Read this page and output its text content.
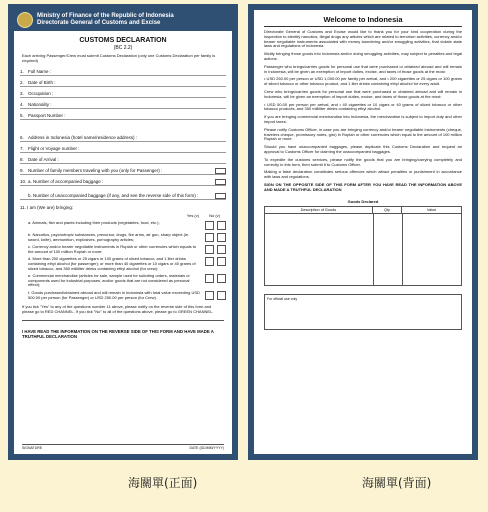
Ministry of Finance of the Republic of Indonesia
Directorate General of Customs and Excise
CUSTOMS DECLARATION
(BC 2.2)
Each arriving Passenger/Crew must submit Customs Declaration (only one Customs Declaration per family is required)
1. Full Name :
2. Date of Birth :
3. Occupation :
4. Nationality :
5. Passport Number :
6. Address in Indonesia (hotel name/residence address) :
7. Flight or Voyage number :
8. Date of Arrival :
9. Number of family members traveling with you (only for Passenger) :
10. a. Number of accompanied baggage :
b. Number of unaccompanied baggage (if any, and see the reverse side of this form) :
11. I am (We are) bringing:
Yes (v)	No (v)
a. Animals, fish and plants including their products (vegetables, food, etc.);
b. Narcotics, psychotropic substances, precursor, drugs, fire arms, air gun, sharp object (ie. sword, knife), ammunition, explosives, pornography articles;
c. Currency and/or bearer negotiable instruments in Rupiah or other currencies which equals to the amount of 100 million Rupiah or more;
d. More than 200 cigarettes or 25 cigars or 100 grams of sliced tobacco, and 1 liter drinks containing ethyl alcohol (for passenger); or more than 40 cigarettes or 10 cigars or 40 grams of sliced tobacco, and 350 milliliter drinks containing ethyl alcohol (for crew);
e. Commercial merchandise (articles for sale, sample used for soliciting orders, materials or components used for industrial purposes, and/or goods that are not considered as personal effect);
f. Goods purchased/obtained abroad and will remain in Indonesia with total value exceeding USD 500.00 per person (for Passenger) or USD 250.00 per person (for Crew).
If you tick "Yes" to any of the questions number 11 above, please notify on the reverse side of this form and please go to RED CHANNEL. If you tick "No" to all of the questions above, please go to GREEN CHANNEL.
I HAVE READ THE INFORMATION ON THE REVERSE SIDE OF THIS FORM AND HAVE MADE A TRUTHFUL DECLARATION
SIGNATURE	DATE (DD/MM/YYYY)
Welcome to Indonesia

Directorate General of Customs and Excise would like to thank you for your kind cooperation during the inspection to identify narcotics, illegal drugs any articles which are related to terrorism activities, currency and/or bearer negotiable instruments associated with money laundering and/or smuggling activities, that violate state laws and regulations of Indonesia.

Illicitly bringing those goods into Indonesia and/or doing smuggling activities, may subject to penalties and legal actions.

Passenger who brings/carries goods for personal use that were purchased or obtained abroad and will remain in Indonesia, will be given an exemption of import duties, excise, and taxes of those goods at the most:

• USD 250.00 per person or USD 1,000.00 per family per arrival, and • 200 cigarettes or 25 cigars or 100 grams of sliced tobacco or other tobacco product, and 1 liter drinks containing ethyl alcohol for every adult.

Crew who brings/carries goods for personal use that were purchased or obtained abroad and will remain in Indonesia, will be given an exemption of import duties, excise, and taxes of those goods at the most:

• USD 50.00 per person per arrival, and • 40 cigarettes or 10 cigars or 40 grams of sliced tobacco or other tobacco products, and 350 milliliter drinks containing ethyl alcohol.

If you are bringing commercial merchandise into Indonesia, the merchandise is subject to import duty and other import taxes.

Please notify Customs Officer, in case you are bringing currency and/or bearer negotiable instruments (cheque, travelers cheque, promissory notes, giro) in Rupiah or other currencies which equal to the amount of 100 million Rupiah or more.

Should you have unaccompanied baggages, please duplicate this Customs Declaration and request an approval to Customs Officer for claiming the unaccompanied baggages.

To expedite the customs services, please notify the goods that you are bringing/carrying completely and correctly in this form, then submit it to Customs Officer.

Making a false declaration constitutes serious offences which attract penalties or punishment in accordance with laws and regulations.

SIGN ON THE OPPOSITE SIDE OF THIS FORM AFTER YOU HAVE READ THE INFORMATION ABOVE AND MADE A TRUTHFUL DECLARATION

Goods Declared
Description of Goods	Qty	Value
For official use only
海關單(正面)	海關單(背面)
